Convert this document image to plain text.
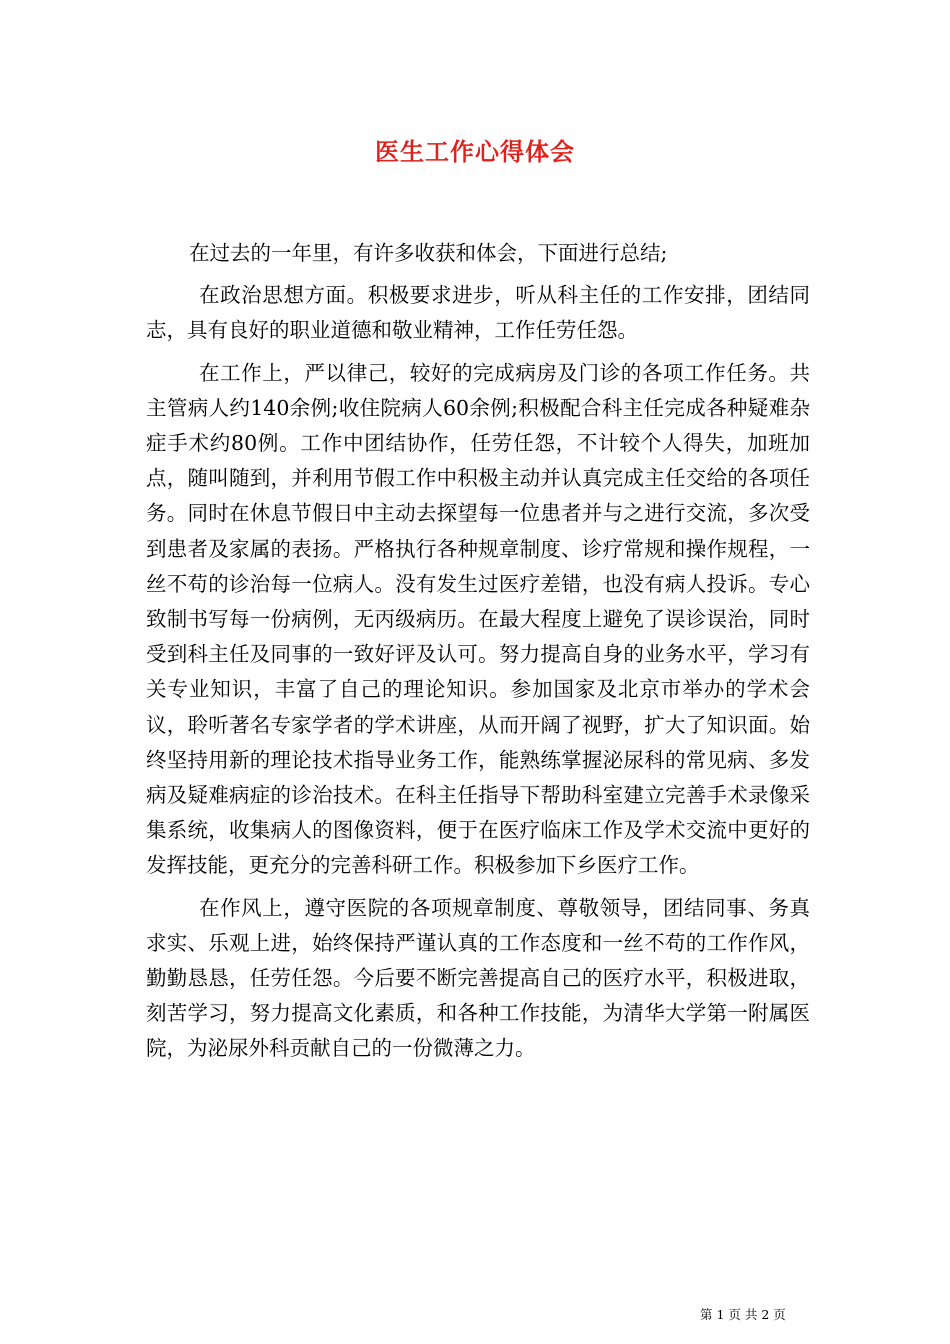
医生工作心得体会

在过去的一年里，有许多收获和体会，下面进行总结;

在政治思想方面。积极要求进步，听从科主任的工作安排，团结同志，具有良好的职业道德和敬业精神，工作任劳任怨。

在工作上，严以律己，较好的完成病房及门诊的各项工作任务。共主管病人约140余例;收住院病人60余例;积极配合科主任完成各种疑难杂症手术约80例。工作中团结协作，任劳任怨，不计较个人得失，加班加点，随叫随到，并利用节假工作中积极主动并认真完成主任交给的各项任务。同时在休息节假日中主动去探望每一位患者并与之进行交流，多次受到患者及家属的表扬。严格执行各种规章制度、诊疗常规和操作规程，一丝不苟的诊治每一位病人。没有发生过医疗差错，也没有病人投诉。专心致制书写每一份病例，无丙级病历。在最大程度上避免了误诊误治，同时受到科主任及同事的一致好评及认可。努力提高自身的业务水平，学习有关专业知识，丰富了自己的理论知识。参加国家及北京市举办的学术会议，聆听著名专家学者的学术讲座，从而开阔了视野，扩大了知识面。始终坚持用新的理论技术指导业务工作，能熟练掌握泌尿科的常见病、多发病及疑难病症的诊治技术。在科主任指导下帮助科室建立完善手术录像采集系统，收集病人的图像资料，便于在医疗临床工作及学术交流中更好的发挥技能，更充分的完善科研工作。积极参加下乡医疗工作。

在作风上，遵守医院的各项规章制度、尊敬领导，团结同事、务真求实、乐观上进，始终保持严谨认真的工作态度和一丝不苟的工作作风，勤勤恳恳，任劳任怨。今后要不断完善提高自己的医疗水平，积极进取，刻苦学习，努力提高文化素质，和各种工作技能，为清华大学第一附属医院，为泌尿外科贡献自己的一份微薄之力。

第 1 页 共 2 页
